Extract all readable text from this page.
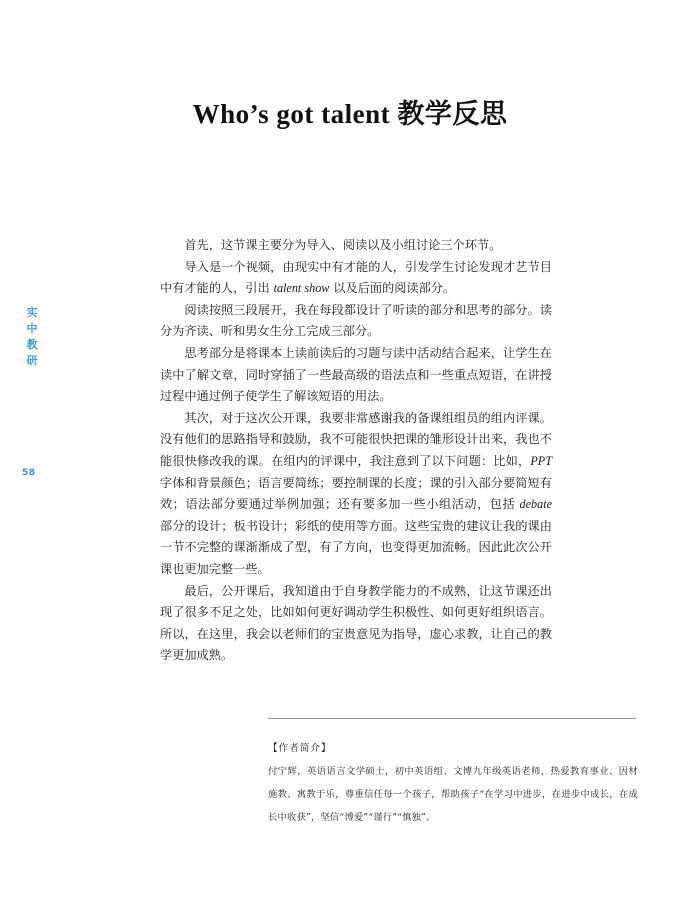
Who’s got talent 教学反思
实
中
教
研
58

首先，这节课主要分为导入、阅读以及小组讨论三个环节。

导入是一个视频，由现实中有才能的人，引发学生讨论发现才艺节目中有才能的人，引出 talent show 以及后面的阅读部分。

阅读按照三段展开，我在每段都设计了听读的部分和思考的部分。读分为齐读、听和男女生分工完成三部分。

思考部分是将课本上读前读后的习题与读中活动结合起来，让学生在读中了解文章，同时穿插了一些最高级的语法点和一些重点短语，在讲授过程中通过例子使学生了解该短语的用法。

其次，对于这次公开课，我要非常感谢我的备课组组员的组内评课。没有他们的思路指导和鼓励，我不可能很快把课的雏形设计出来，我也不能很快修改我的课。在组内的评课中，我注意到了以下问题：比如，PPT 字体和背景颜色；语言要简练；要控制课的长度；课的引入部分要简短有效；语法部分要通过举例加强；还有要多加一些小组活动，包括 debate 部分的设计；板书设计；彩纸的使用等方面。这些宝贵的建议让我的课由一节不完整的课渐渐成了型，有了方向，也变得更加流畅。因此此次公开课也更加完整一些。

最后，公开课后，我知道由于自身教学能力的不成熟，让这节课还出现了很多不足之处，比如如何更好调动学生积极性、如何更好组织语言。所以，在这里，我会以老师们的宝贵意见为指导，虚心求教，让自己的教学更加成熟。

【作者简介】
付宁辉，英语语言文学硕士，初中英语组、文博九年级英语老师，热爱教育事业、因材施教、寓教于乐，尊重信任每一个孩子，帮助孩子“在学习中进步，在进步中成长，在成长中收获”，坚信“博爱”“谨行”“慎独”。
